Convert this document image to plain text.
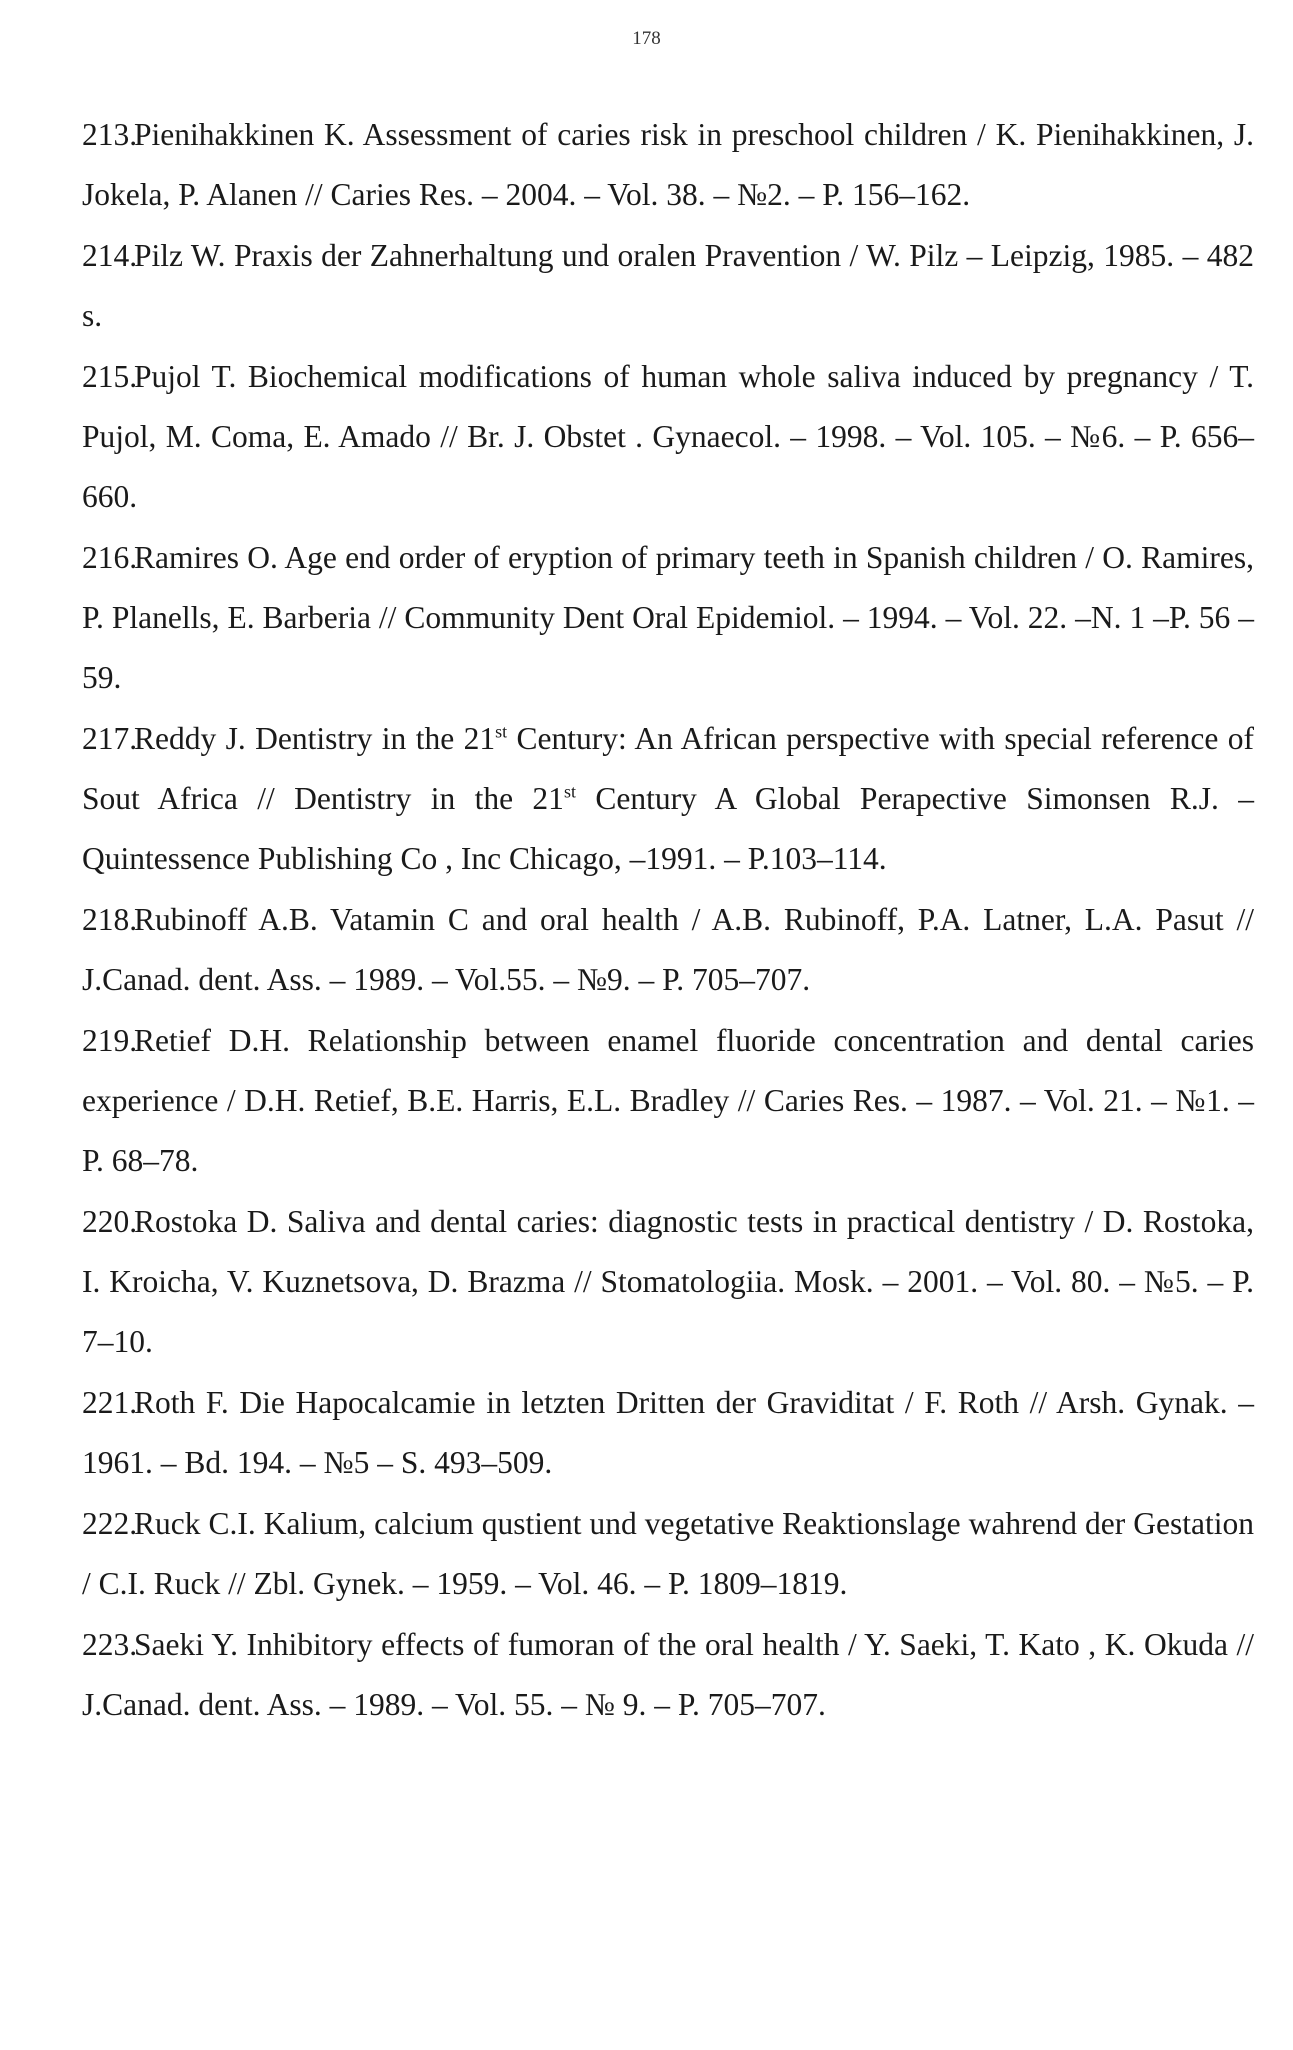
178
213.Pienihakkinen K. Assessment of caries risk in preschool children / K. Pienihakkinen, J. Jokela, P. Alanen // Caries Res. – 2004. – Vol. 38. – №2. – P. 156–162.
214.Pilz W. Praxis der Zahnerhaltung und oralen Pravention / W. Pilz – Leipzig, 1985. – 482 s.
215.Pujol T. Biochemical modifications of human whole saliva induced by pregnancy / T. Pujol, M. Coma, E. Amado // Br. J. Obstet . Gynaecol. – 1998. – Vol. 105. – №6. – P. 656–660.
216.Ramires O. Age end order of eryption of primary teeth in Spanish children / O. Ramires, P. Planells, E. Barberia // Community Dent Oral Epidemiol. – 1994. – Vol. 22. –N. 1 –P. 56 – 59.
217.Reddy J. Dentistry in the 21st Century: An African perspective with special reference of Sout Africa // Dentistry in the 21st Century A Global Perapective Simonsen R.J. – Quintessence Publishing Co , Inc Chicago, –1991. – P.103–114.
218.Rubinoff A.B. Vatamin C and oral health / A.B. Rubinoff, P.A. Latner, L.A. Pasut // J.Canad. dent. Ass. – 1989. – Vol.55. – №9. – P. 705–707.
219.Retief D.H. Relationship between enamel fluoride concentration and dental caries experience / D.H. Retief, B.E. Harris, E.L. Bradley // Caries Res. – 1987. – Vol. 21. – №1. – P. 68–78.
220.Rostoka D. Saliva and dental caries: diagnostic tests in practical dentistry / D. Rostoka, I. Kroicha, V. Kuznetsova, D. Brazma // Stomatologiia. Mosk. – 2001. – Vol. 80. – №5. – P. 7–10.
221.Roth F. Die Hapocalcamie in letzten Dritten der Graviditat / F. Roth // Arsh. Gynak. –1961. – Bd. 194. – №5 – S. 493–509.
222.Ruck C.I. Kalium, calcium qustient und vegetative Reaktionslage wahrend der Gestation / C.I. Ruck // Zbl. Gynek. – 1959. – Vol. 46. – P. 1809–1819.
223.Saeki Y. Inhibitory effects of fumoran of the oral health / Y. Saeki, T. Kato , K. Okuda // J.Canad. dent. Ass. – 1989. – Vol. 55. – № 9. – P. 705–707.
